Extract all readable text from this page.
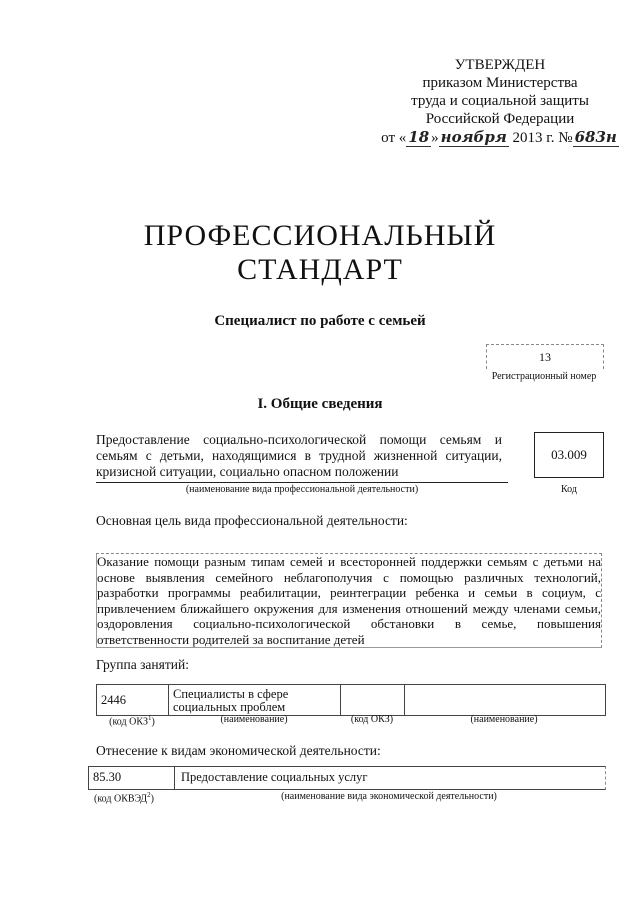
УТВЕРЖДЕН
приказом Министерства
труда и социальной защиты
Российской Федерации
от « 18 » ноября 2013 г. № 683н
ПРОФЕССИОНАЛЬНЫЙ
СТАНДАРТ
Специалист по работе с семьей
13
Регистрационный номер
I. Общие сведения
Предоставление социально-психологической помощи семьям и семьям с детьми, находящимися в трудной жизненной ситуации, кризисной ситуации, социально опасном положении
(наименование вида профессиональной деятельности)
03.009
Код
Основная цель вида профессиональной деятельности:
Оказание помощи разным типам семей и всесторонней поддержки семьям с детьми на основе выявления семейного неблагополучия с помощью различных технологий, разработки программы реабилитации, реинтеграции ребенка и семьи в социум, с привлечением ближайшего окружения для изменения отношений между членами семьи, оздоровления социально-психологической обстановки в семье, повышения ответственности родителей за воспитание детей
Группа занятий:
2446	Специалисты в сфере социальных проблем
(код ОКЗ$^1$)	(наименование)	(код ОКЗ)	(наименование)
Отнесение к видам экономической деятельности:
85.30	Предоставление социальных услуг
(код ОКВЭД$^2$)	(наименование вида экономической деятельности)
